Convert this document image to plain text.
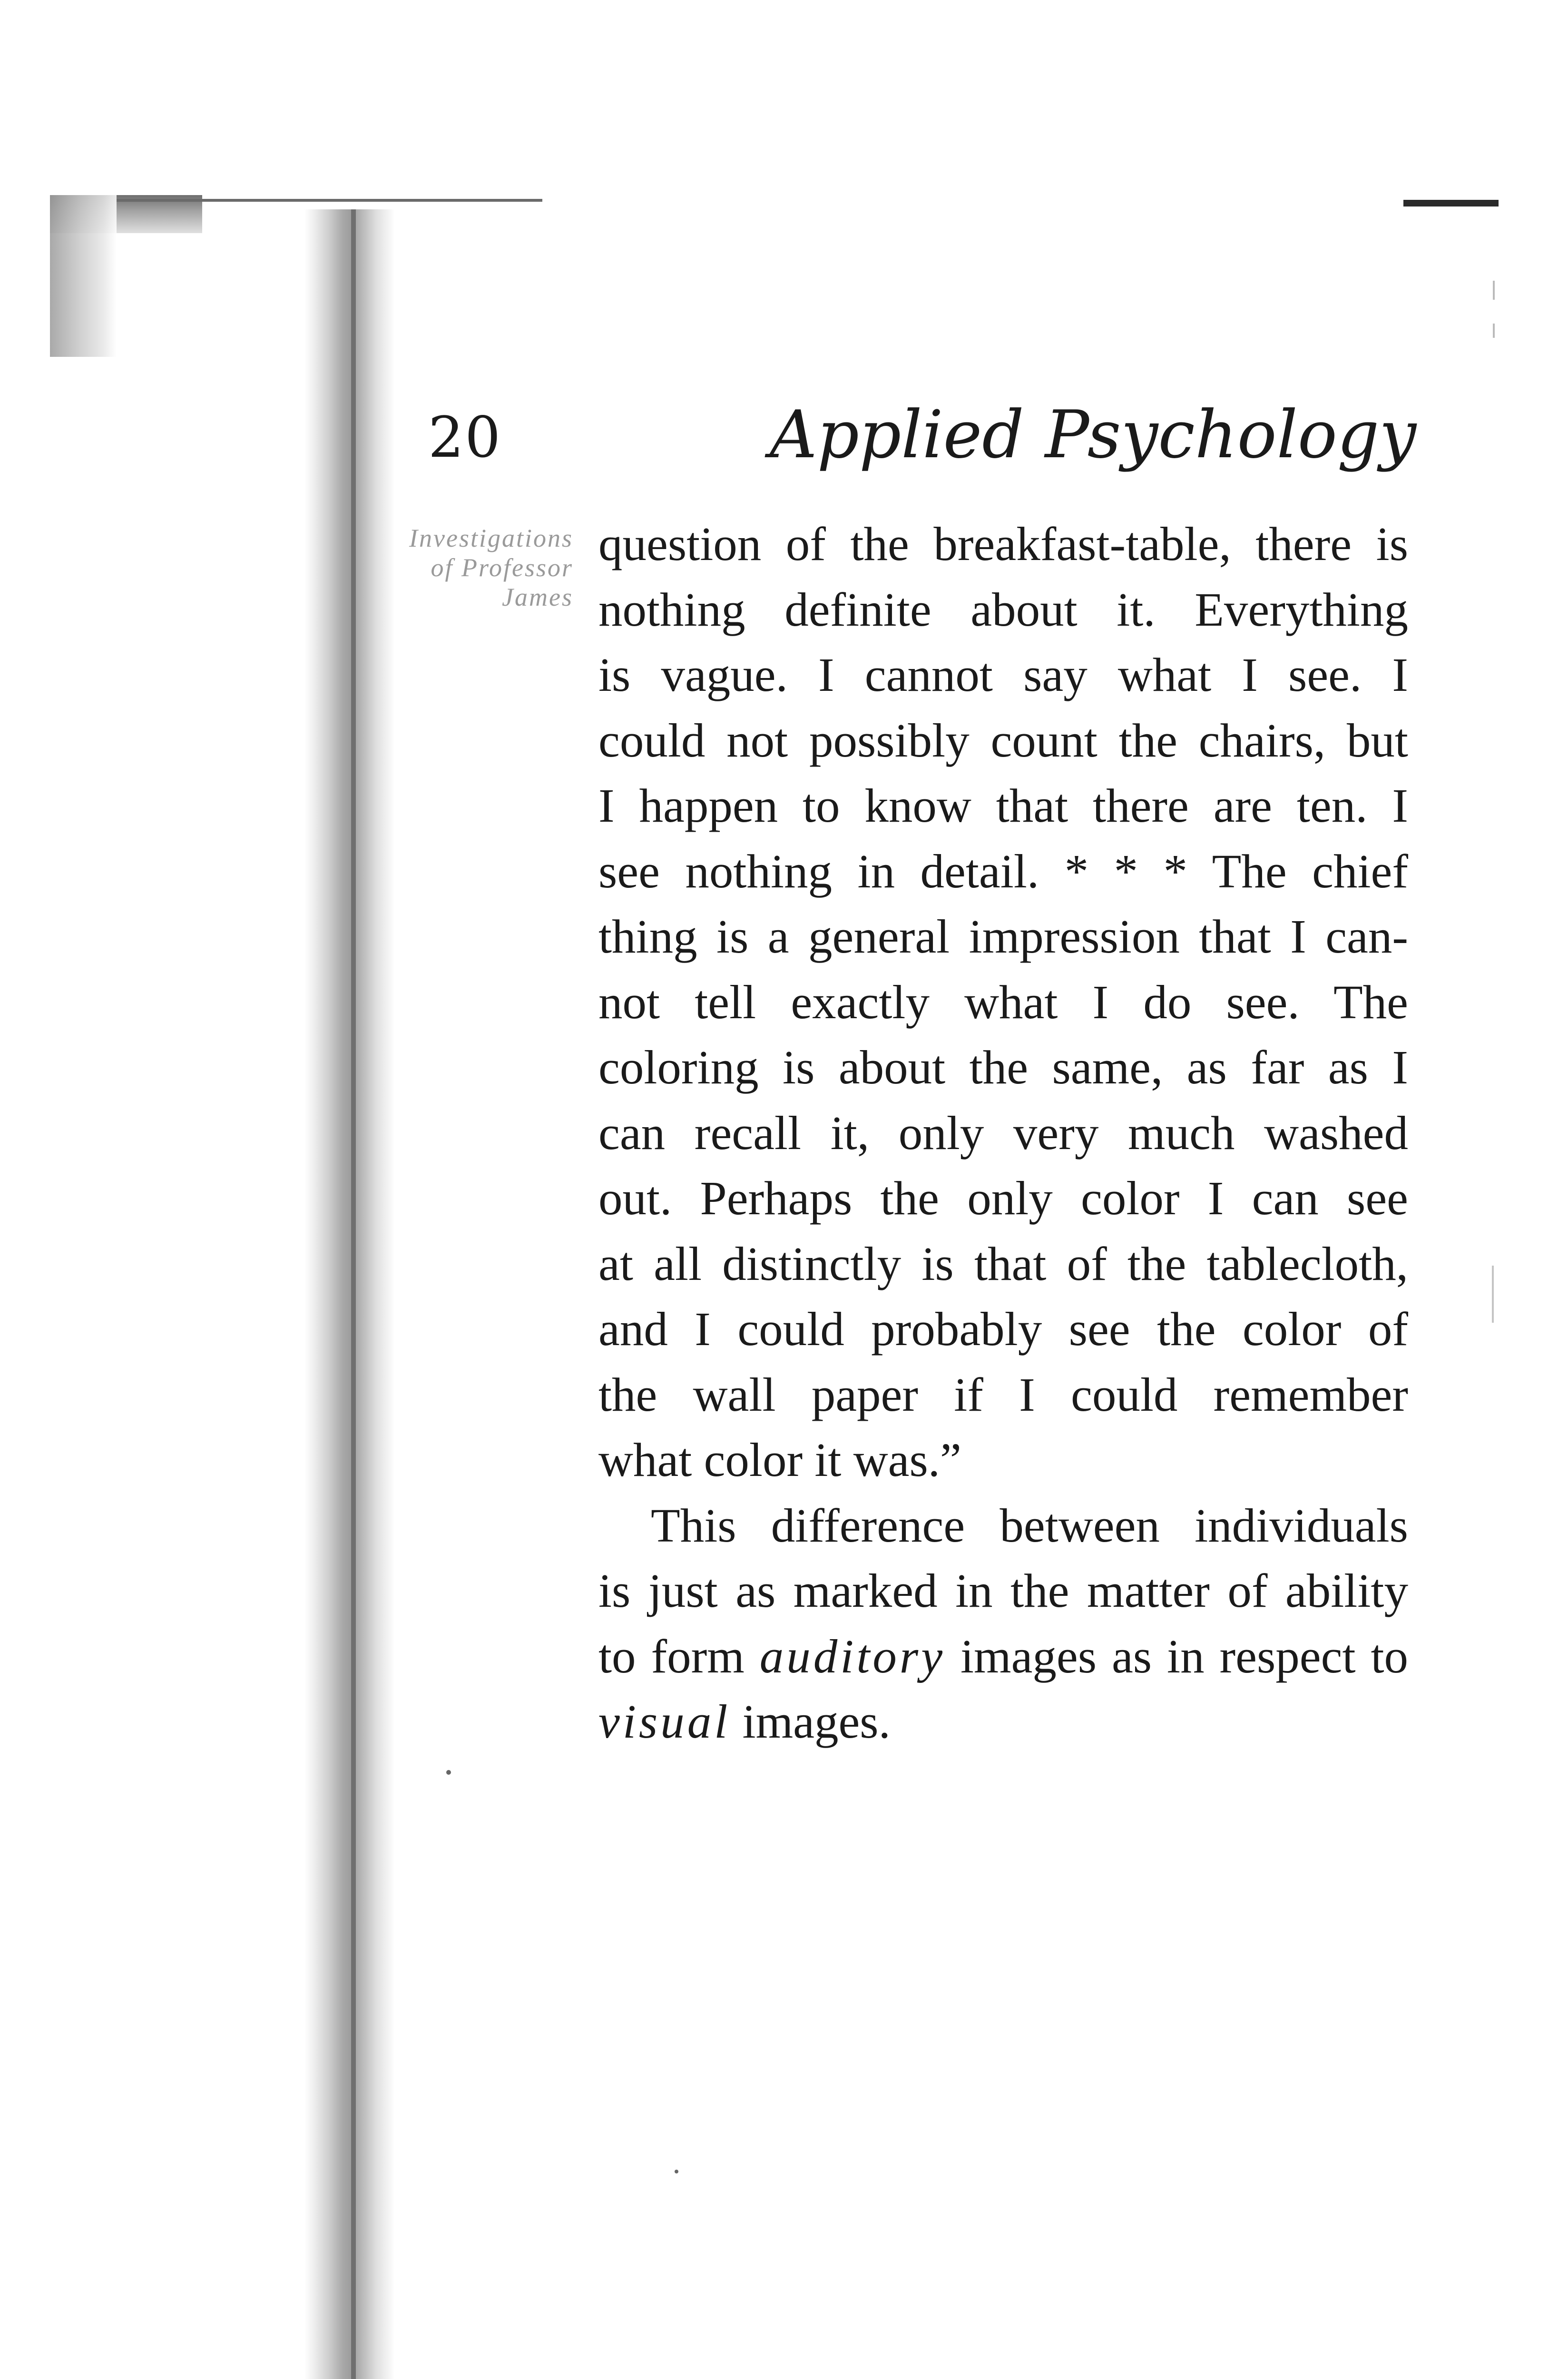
20	Applied Psychology
Investigations
of Professor
James

question of the breakfast-table, there is
nothing definite about it. Everything
is vague. I cannot say what I see. I
could not possibly count the chairs, but
I happen to know that there are ten. I
see nothing in detail. * * * The chief
thing is a general impression that I can-
not tell exactly what I do see. The
coloring is about the same, as far as I
can recall it, only very much washed
out. Perhaps the only color I can see
at all distinctly is that of the tablecloth,
and I could probably see the color of
the wall paper if I could remember
what color it was.”

This difference between individuals
is just as marked in the matter of ability
to form auditory images as in respect to
visual images.
